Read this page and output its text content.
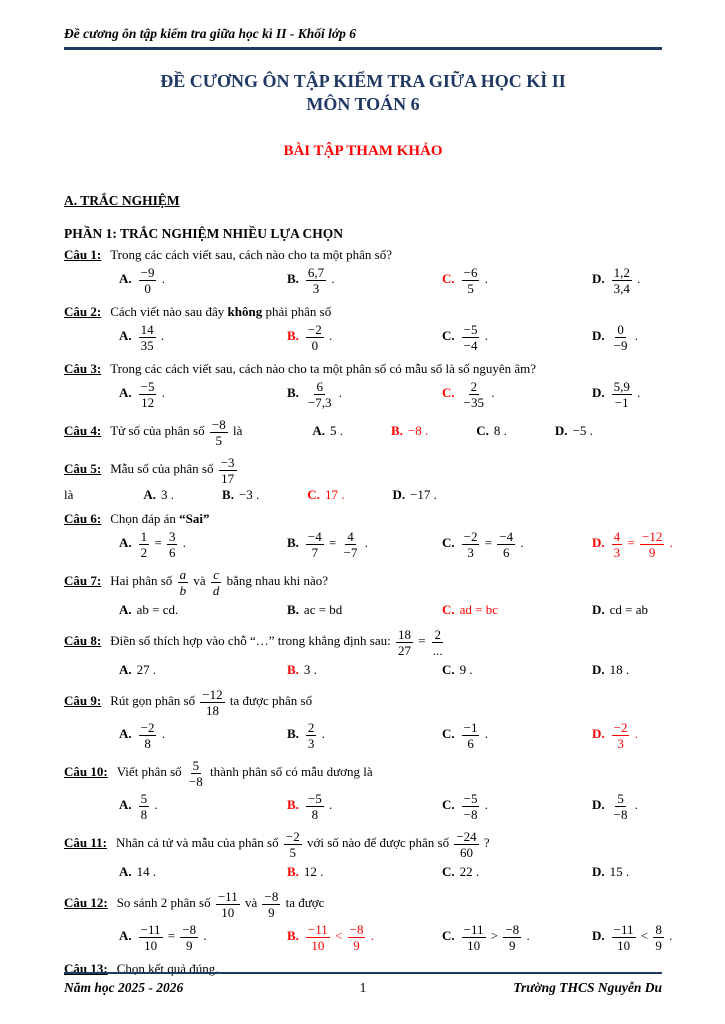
Đề cương ôn tập kiểm tra giữa học kì II - Khối lớp 6
ĐỀ CƯƠNG ÔN TẬP KIỂM TRA GIỮA HỌC KÌ II
MÔN TOÁN 6
BÀI TẬP THAM KHẢO
A. TRẮC NGHIỆM
PHẦN 1: TRẮC NGHIỆM NHIỀU LỰA CHỌN
Câu 1: Trong các cách viết sau, cách nào cho ta một phân số?
A. $\frac{-9}{0}$ .	B. $\frac{6,7}{3}$ .	C. $\frac{-6}{5}$ .	D. $\frac{1,2}{3,4}$ .
Câu 2: Cách viết nào sau đây không phải phân số
A. $\frac{14}{35}$ .	B. $\frac{-2}{0}$ .	C. $\frac{-5}{-4}$ .	D. $\frac{0}{-9}$ .
Câu 3: Trong các cách viết sau, cách nào cho ta một phân số có mẫu số là số nguyên âm?
A. $\frac{-5}{12}$ .	B. $\frac{6}{-7,3}$ .	C. $\frac{2}{-35}$ .	D. $\frac{5,9}{-1}$ .
Câu 4: Tử số của phân số $\frac{-8}{5}$ là	A. 5 .	B. −8 .	C. 8 .	D. −5 .
Câu 5: Mẫu số của phân số $\frac{-3}{17}$
là	A. 3 .	B. −3 .	C. 17 .	D. −17 .
Câu 6: Chọn đáp án “Sai”
A. $\frac{1}{2} = \frac{3}{6}$ .	B. $\frac{-4}{7} = \frac{4}{-7}$ .	C. $\frac{-2}{3} = \frac{-4}{6}$ .	D. $\frac{4}{3} = \frac{-12}{9}$ .
Câu 7: Hai phân số $\frac{a}{b}$ và $\frac{c}{d}$ bằng nhau khi nào?
A. ab = cd.	B. ac = bd	C. ad = bc	D. cd = ab
Câu 8: Điền số thích hợp vào chỗ “…” trong khẳng định sau: $\frac{18}{27} = \frac{2}{...}$
A. 27 .	B. 3 .	C. 9 .	D. 18 .
Câu 9: Rút gọn phân số $\frac{-12}{18}$ ta được phân số
A. $\frac{-2}{8}$ .	B. $\frac{2}{3}$ .	C. $\frac{-1}{6}$ .	D. $\frac{-2}{3}$ .
Câu 10: Viết phân số $\frac{5}{-8}$ thành phân số có mẫu dương là
A. $\frac{5}{8}$ .	B. $\frac{-5}{8}$ .	C. $\frac{-5}{-8}$ .	D. $\frac{5}{-8}$ .
Câu 11: Nhân cả tử và mẫu của phân số $\frac{-2}{5}$ với số nào để được phân số $\frac{-24}{60}$ ?
A. 14 .	B. 12 .	C. 22 .	D. 15 .
Câu 12: So sánh 2 phân số $\frac{-11}{10}$ và $\frac{-8}{9}$ ta được
A. $\frac{-11}{10} = \frac{-8}{9}$ .	B. $\frac{-11}{10} < \frac{-8}{9}$ .	C. $\frac{-11}{10} > \frac{-8}{9}$ .	D. $\frac{-11}{10} < \frac{8}{9}$ .
Câu 13: Chọn kết quả đúng.
Năm học 2025 - 2026	1	Trường THCS Nguyễn Du
